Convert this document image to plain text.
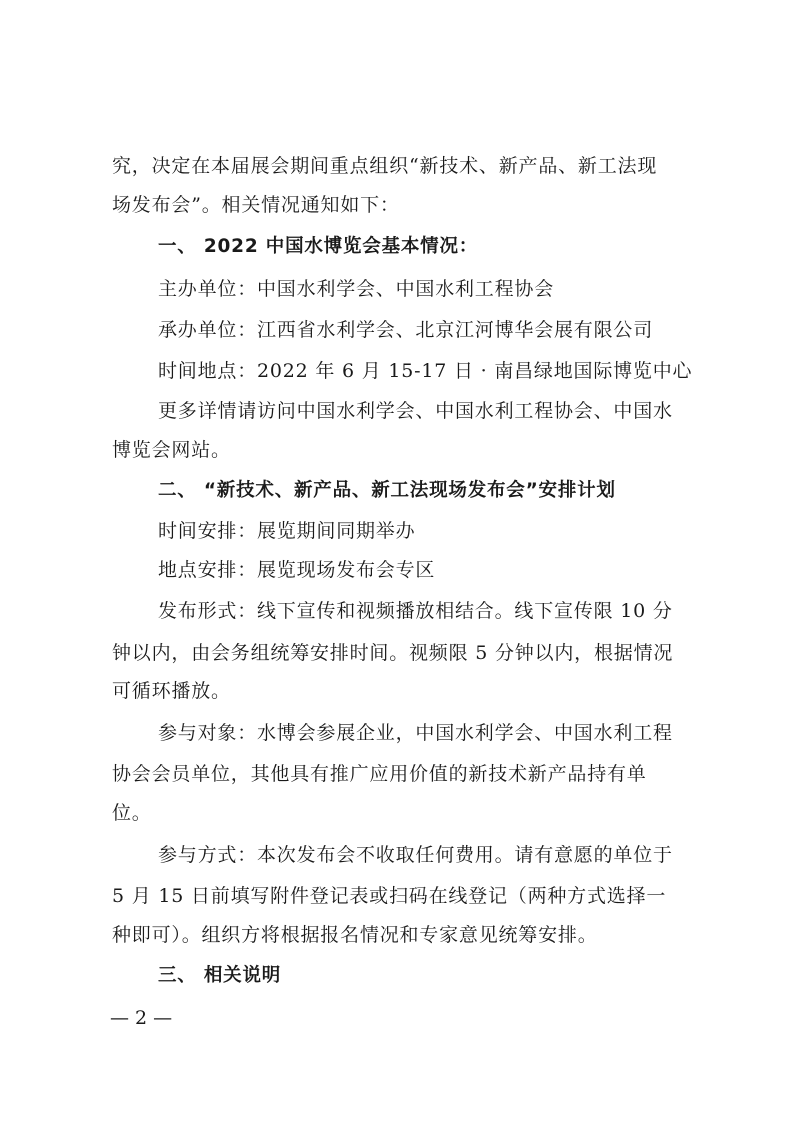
究，决定在本届展会期间重点组织“新技术、新产品、新工法现
场发布会”。相关情况通知如下：
一、 2022 中国水博览会基本情况：
主办单位：中国水利学会、中国水利工程协会
承办单位：江西省水利学会、北京江河博华会展有限公司
时间地点：2022 年 6 月 15-17 日 · 南昌绿地国际博览中心
更多详情请访问中国水利学会、中国水利工程协会、中国水
博览会网站。
二、 “新技术、新产品、新工法现场发布会”安排计划
时间安排：展览期间同期举办
地点安排：展览现场发布会专区
发布形式：线下宣传和视频播放相结合。线下宣传限 10 分
钟以内，由会务组统筹安排时间。视频限 5 分钟以内，根据情况
可循环播放。
参与对象：水博会参展企业，中国水利学会、中国水利工程
协会会员单位，其他具有推广应用价值的新技术新产品持有单
位。
参与方式：本次发布会不收取任何费用。请有意愿的单位于
5 月 15 日前填写附件登记表或扫码在线登记（两种方式选择一
种即可）。组织方将根据报名情况和专家意见统筹安排。
三、 相关说明
— 2 —
